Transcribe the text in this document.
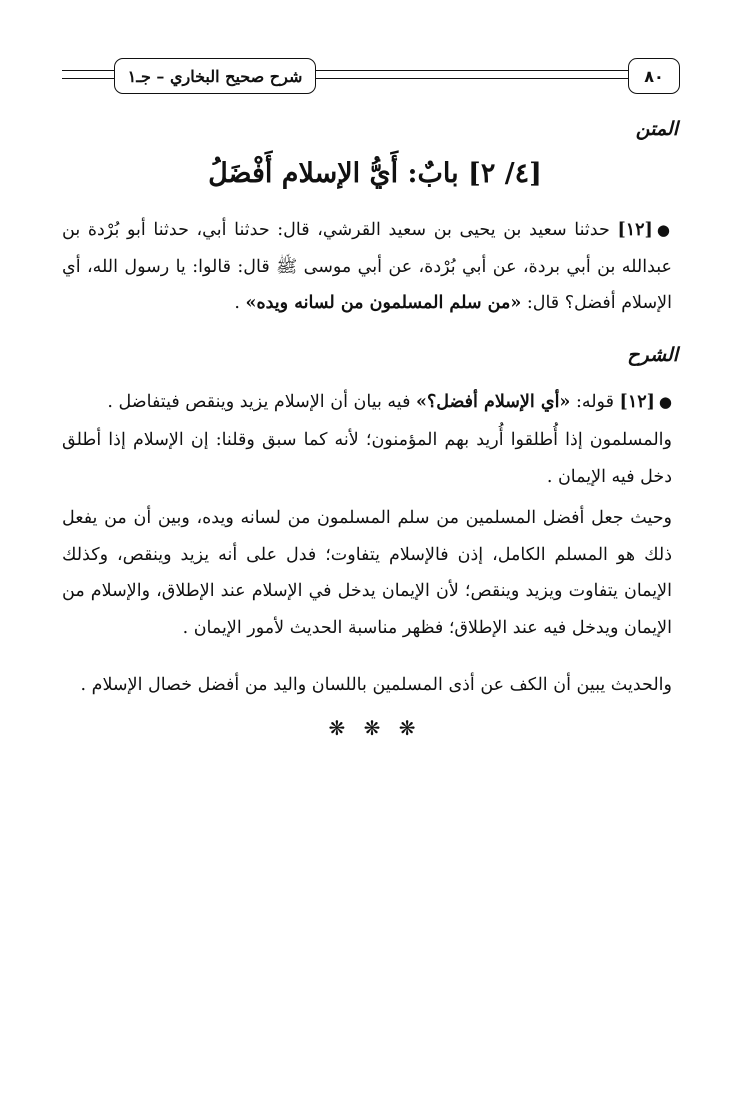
٨٠
شرح صحيح البخاري – جـ١
المتن
[٤/ ٢] بابٌ: أَيُّ الإسلام أَفْضَلُ
●[١٢] حدثنا سعيد بن يحيى بن سعيد القرشي، قال: حدثنا أبي، حدثنا أبو بُرْدة بن عبدالله بن أبي بردة، عن أبي بُرْدة، عن أبي موسى ﷺ قال: قالوا: يا رسول الله، أي الإسلام أفضل؟ قال: «من سلم المسلمون من لسانه ويده» .
الشرح
●[١٢] قوله: «أي الإسلام أفضل؟» فيه بيان أن الإسلام يزيد وينقص فيتفاضل .
والمسلمون إذا أُطلقوا أُريد بهم المؤمنون؛ لأنه كما سبق وقلنا: إن الإسلام إذا أطلق دخل فيه الإيمان .
وحيث جعل أفضل المسلمين من سلم المسلمون من لسانه ويده، وبين أن من يفعل ذلك هو المسلم الكامل، إذن فالإسلام يتفاوت؛ فدل على أنه يزيد وينقص، وكذلك الإيمان يتفاوت ويزيد وينقص؛ لأن الإيمان يدخل في الإسلام عند الإطلاق، والإسلام من الإيمان ويدخل فيه عند الإطلاق؛ فظهر مناسبة الحديث لأمور الإيمان .
والحديث يبين أن الكف عن أذى المسلمين باللسان واليد من أفضل خصال الإسلام .
❋ ❋ ❋
